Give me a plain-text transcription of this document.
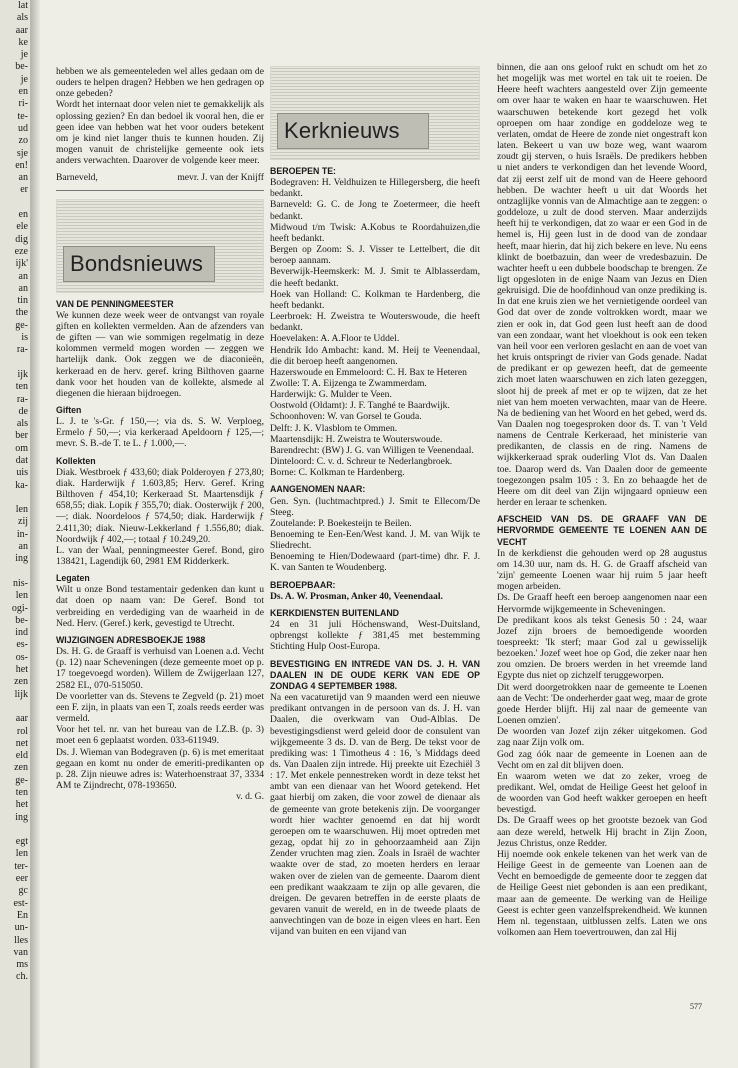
lat
als
aar
ke
je
be-
je
en
ri-
te-
ud
zo
sje
en!
an
er
en
ele
dig
eze
ijk'
an
an
tin
the
ge-
is
ra-
ijk
ten
ra-
de
als
ber
om
dat
uis
ka-
len
zij
in-
an
ing
nis-
len
ogi-
be-
ind
es-
os-
het
zen
lijk
aar
rol
net
eld
zen
ge-
ten
het
ing
egt
len
ter-
eer
gc
est-
En
un-
lles
van
ms
ch.

hebben we als gemeenteleden wel alles gedaan om de ouders te helpen dragen? Hebben we hen gedragen op onze gebeden?

Wordt het internaat door velen niet te gemakkelijk als oplossing gezien? En dan bedoel ik vooral hen, die er geen idee van hebben wat het voor ouders betekent om je kind niet langer thuis te kunnen houden. Zij mogen vanuit de christelijke gemeente ook iets anders verwachten. Daarover de volgende keer meer.

Barneveld,	mevr. J. van der Knijff

Bondsnieuws

VAN DE PENNINGMEESTER

We kunnen deze week weer de ontvangst van royale giften en kollekten vermelden. Aan de afzenders van de giften — van wie sommigen regelmatig in deze kolommen vermeld mogen worden — zeggen we hartelijk dank. Ook zeggen we de diaconieën, kerkeraad en de herv. geref. kring Bilthoven gaarne dank voor het houden van de kollekte, alsmede al diegenen die hieraan bijdroegen.

Giften

L. J. te 's-Gr. ƒ 150,—; via ds. S. W. Verploeg, Ermelo ƒ 50,—; via kerkeraad Apeldoorn ƒ 125,—; mevr. S. B.-de T. te L. ƒ 1.000,—.

Kollekten

Diak. Westbroek ƒ 433,60; diak Polderoyen ƒ 273,80; diak. Harderwijk ƒ 1.603,85; Herv. Geref. Kring Bilthoven ƒ 454,10; Kerkeraad St. Maartensdijk ƒ 658,55; diak. Lopik ƒ 355,70; diak. Oosterwijk ƒ 200,—; diak. Noordeloos ƒ 574,50; diak. Harderwijk ƒ 2.411,30; diak. Nieuw-Lekkerland ƒ 1.556,80; diak. Noordwijk ƒ 402,—; totaal ƒ 10.249,20.

L. van der Waal, penningmeester Geref. Bond, giro 138421, Lagendijk 60, 2981 EM Ridderkerk.

Legaten

Wilt u onze Bond testamentair gedenken dan kunt u dat doen op naam van: De Geref. Bond tot verbreiding en verdediging van de waarheid in de Ned. Herv. (Geref.) kerk, gevestigd te Utrecht.

WIJZIGINGEN ADRESBOEKJE 1988

Ds. H. G. de Graaff is verhuisd van Loenen a.d. Vecht (p. 12) naar Scheveningen (deze gemeente moet op p. 17 toegevoegd worden). Willem de Zwijgerlaan 127, 2582 EL, 070-515050.

De voorletter van ds. Stevens te Zegveld (p. 21) moet een F. zijn, in plaats van een T, zoals reeds eerder was vermeld.

Voor het tel. nr. van het bureau van de I.Z.B. (p. 3) moet een 6 geplaatst worden. 033-611949.

Ds. J. Wieman van Bodegraven (p. 6) is met emeritaat gegaan en komt nu onder de emeriti-predikanten op p. 28. Zijn nieuwe adres is: Waterhoenstraat 37, 3334 AM te Zijndrecht, 078-193650.

v. d. G.

Kerknieuws

BEROEPEN TE:

Bodegraven: H. Veldhuizen te Hillegersberg, die heeft bedankt.

Barneveld: G. C. de Jong te Zoetermeer, die heeft bedankt.

Midwoud t/m Twisk: A.Kobus te Roordahuizen,die heeft bedankt.

Bergen op Zoom: S. J. Visser te Lettelbert, die dit beroep aannam.

Beverwijk-Heemskerk: M. J. Smit te Alblasserdam, die heeft bedankt.

Hoek van Holland: C. Kolkman te Hardenberg, die heeft bedankt.

Leerbroek: H. Zweistra te Wouterswoude, die heeft bedankt.

Hoevelaken: A. A.Floor te Uddel.

Hendrik Ido Ambacht: kand. M. Heij te Veenendaal, die dit beroep heeft aangenomen.

Hazerswoude en Emmeloord: C. H. Bax te Heteren

Zwolle: T. A. Eijzenga te Zwammerdam.

Harderwijk: G. Mulder te Veen.

Oostwold (Oldamt): J. F. Tanghé te Baardwijk.

Schoonhoven: W. van Gorsel te Gouda.

Delft: J. K. Vlasblom te Ommen.

Maartensdijk: H. Zweistra te Wouterswoude.

Barendrecht: (BW) J. G. van Willigen te Veenendaal.

Dinteloord: C. v. d. Schreur te Nederlangbroek.

Borne: C. Kolkman te Hardenberg.

AANGENOMEN NAAR:

Gen. Syn. (luchtmachtpred.) J. Smit te Ellecom/De Steeg.

Zoutelande: P. Boekesteijn te Beilen.

Benoeming te Een-Een/West kand. J. M. van Wijk te Sliedrecht.

Benoeming te Hien/Dodewaard (part-time) dhr. F. J. K. van Santen te Woudenberg.

BEROEPBAAR:

Ds. A. W. Prosman, Anker 40, Veenendaal.

KERKDIENSTEN BUITENLAND

24 en 31 juli Höchenswand, West-Duitsland, opbrengst kollekte ƒ 381,45 met bestemming Stichting Hulp Oost-Europa.

BEVESTIGING EN INTREDE VAN DS. J. H. VAN DAALEN IN DE OUDE KERK VAN EDE OP ZONDAG 4 SEPTEMBER 1988.

Na een vacaturetijd van 9 maanden werd een nieuwe predikant ontvangen in de persoon van ds. J. H. van Daalen, die overkwam van Oud-Alblas. De bevestigingsdienst werd geleid door de consulent van wijkgemeente 3 ds. D. van de Berg. De tekst voor de prediking was: 1 Timotheus 4 : 16, 's Middags deed ds. Van Daalen zijn intrede. Hij preekte uit Ezechiël 3 : 17. Met enkele pennestreken wordt in deze tekst het ambt van een dienaar van het Woord getekend. Het gaat hierbij om zaken, die voor zowel de dienaar als de gemeente van grote betekenis zijn. De voorganger wordt hier wachter genoemd en dat hij wordt geroepen om te waarschuwen. Hij moet optreden met gezag, opdat hij zo in gehoorzaamheid aan Zijn Zender vruchten mag zien. Zoals in Israël de wachter waakte over de stad, zo moeten herders en leraar waken over de zielen van de gemeente. Daarom dient een predikant waakzaam te zijn op alle gevaren, die dreigen. De gevaren betreffen in de eerste plaats de gevaren vanuit de wereld, en in de tweede plaats de aanvechtingen van de boze in eigen vlees en hart. Een vijand van buiten en een vijand van

binnen, die aan ons geloof rukt en schudt om het zo het mogelijk was met wortel en tak uit te roeien. De Heere heeft wachters aangesteld over Zijn gemeente om over haar te waken en haar te waarschuwen. Het waarschuwen betekende kort gezegd het volk oproepen om haar zondige en goddeloze weg te verlaten, omdat de Heere de zonde niet ongestraft kon laten. Bekeert u van uw boze weg, want waarom zoudt gij sterven, o huis Israëls. De predikers hebben u niet anders te verkondigen dan het levende Woord, dat zij eerst zelf uit de mond van de Heere gehoord hebben. De wachter heeft u uit dat Woords het ontzaglijke vonnis van de Almachtige aan te zeggen: o goddeloze, u zult de dood sterven. Maar anderzijds heeft hij te verkondigen, dat zo waar er een God in de hemel is, Hij geen lust in de dood van de zondaar heeft, maar hierin, dat hij zich bekere en leve. Nu eens klinkt de boetbazuin, dan weer de vredesbazuin. De wachter heeft u een dubbele boodschap te brengen. Ze ligt opgesloten in de enige Naam van Jezus en Dien gekruisigd. Die de hoofdinhoud van onze prediking is. In dat ene kruis zien we het vernietigende oordeel van God dat over de zonde voltrokken wordt, maar we zien er ook in, dat God geen lust heeft aan de dood van een zondaar, want het vloekhout is ook een teken van heil voor een verloren geslacht en aan de voet van het kruis ontspringt de rivier van Gods genade. Nadat de predikant er op gewezen heeft, dat de gemeente zich moet laten waarschuwen en zich laten gezeggen, sloot hij de preek af met er op te wijzen, dat ze het niet van hem moeten verwachten, maar van de Heere. Na de bediening van het Woord en het gebed, werd ds. Van Daalen nog toegesproken door ds. T. van 't Veld namens de Centrale Kerkeraad, het ministerie van predikanten, de classis en de ring. Namens de wijkkerkeraad sprak ouderling Vlot ds. Van Daalen toe. Daarop werd ds. Van Daalen door de gemeente toegezongen psalm 105 : 3. En zo behaagde het de Heere om dit deel van Zijn wijngaard opnieuw een herder en leraar te schenken.

AFSCHEID VAN DS. DE GRAAFF VAN DE HERVORMDE GEMEENTE TE LOENEN AAN DE VECHT

In de kerkdienst die gehouden werd op 28 augustus om 14.30 uur, nam ds. H. G. de Graaff afscheid van 'zijn' gemeente Loenen waar hij ruim 5 jaar heeft mogen arbeiden.

Ds. De Graaff heeft een beroep aangenomen naar een Hervormde wijkgemeente in Scheveningen.

De predikant koos als tekst Genesis 50 : 24, waar Jozef zijn broers de bemoedigende woorden toespreekt: 'Ik sterf; maar God zal u gewisselijk bezoeken.' Jozef weet hoe op God, die zeker naar hen zou omzien. De broers werden in het vreemde land Egypte dus niet op zichzelf teruggeworpen.

Dit werd doorgetrokken naar de gemeente te Loenen aan de Vecht: 'De onderherder gaat weg, maar de grote goede Herder blijft. Hij zal naar de gemeente van Loenen omzien'.

De woorden van Jozef zijn zéker uitgekomen. God zag naar Zijn volk om.

God zag óók naar de gemeente in Loenen aan de Vecht om en zal dit blijven doen.

En waarom weten we dat zo zeker, vroeg de predikant. Wel, omdat de Heilige Geest het geloof in de woorden van God heeft wakker geroepen en heeft bevestigd.

Ds. De Graaff wees op het grootste bezoek van God aan deze wereld, hetwelk Hij bracht in Zijn Zoon, Jezus Christus, onze Redder.

Hij noemde ook enkele tekenen van het werk van de Heilige Geest in de gemeente van Loenen aan de Vecht en bemoedigde de gemeente door te zeggen dat de Heilige Geest niet gebonden is aan een predikant, maar aan de gemeente. De werking van de Heilige Geest is echter geen vanzelfsprekendheid. We kunnen Hem nl. tegenstaan, uitblussen zelfs. Laten we ons volkomen aan Hem toevertrouwen, dan zal Hij

577
